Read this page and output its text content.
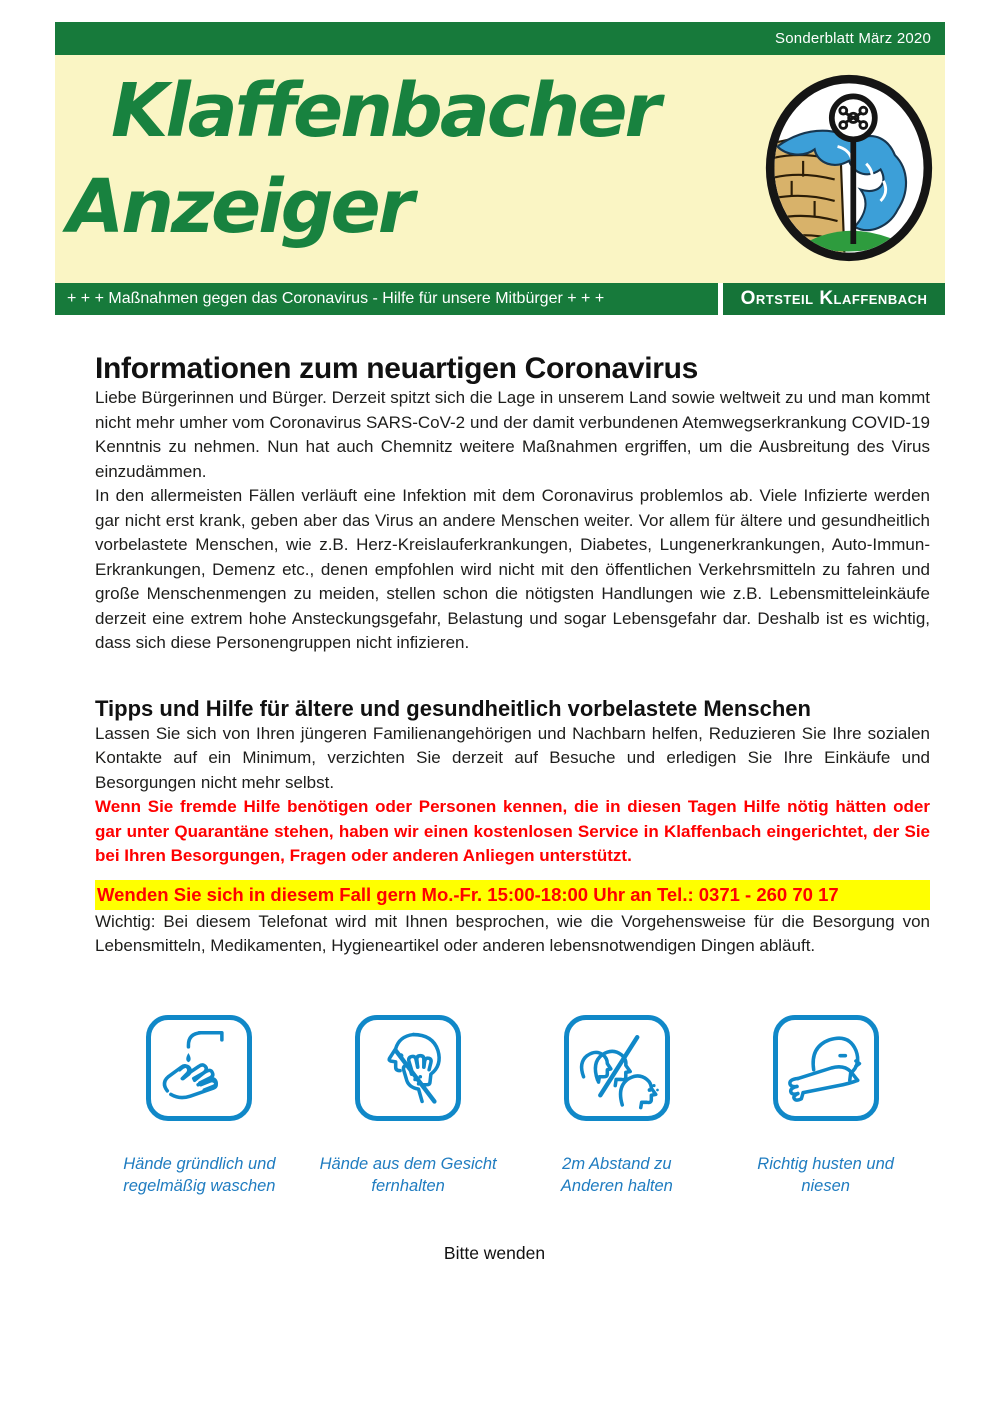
Sonderblatt März 2020
Klaffenbacher
Anzeiger
+ + + Maßnahmen gegen das Coronavirus - Hilfe für unsere Mitbürger + + +	Ortsteil Klaffenbach
Informationen zum neuartigen Coronavirus

Liebe Bürgerinnen und Bürger. Derzeit spitzt sich die Lage in unserem Land sowie weltweit zu und man kommt nicht mehr umher vom Coronavirus SARS-CoV-2 und der damit verbundenen Atemwegserkrankung COVID-19 Kenntnis zu nehmen. Nun hat auch Chemnitz weitere Maßnahmen ergriffen, um die Ausbreitung des Virus einzudämmen.

In den allermeisten Fällen verläuft eine Infektion mit dem Coronavirus problemlos ab. Viele Infizierte werden gar nicht erst krank, geben aber das Virus an andere Menschen weiter. Vor allem für ältere und gesundheitlich vorbelastete Menschen, wie z.B. Herz-Kreislauferkrankungen, Diabetes, Lungenerkrankungen, Auto-Immun-Erkrankungen, Demenz etc., denen empfohlen wird nicht mit den öffentlichen Verkehrsmitteln zu fahren und große Menschenmengen zu meiden, stellen schon die nötigsten Handlungen wie z.B. Lebensmitteleinkäufe derzeit eine extrem hohe Ansteckungsgefahr, Belastung und sogar Lebensgefahr dar. Deshalb ist es wichtig, dass sich diese Personengruppen nicht infizieren.

Tipps und Hilfe für ältere und gesundheitlich vorbelastete Menschen

Lassen Sie sich von Ihren jüngeren Familienangehörigen und Nachbarn helfen, Reduzieren Sie Ihre sozialen Kontakte auf ein Minimum, verzichten Sie derzeit auf Besuche und erledigen Sie Ihre Einkäufe und Besorgungen nicht mehr selbst.

Wenn Sie fremde Hilfe benötigen oder Personen kennen, die in diesen Tagen Hilfe nötig hätten oder gar unter Quarantäne stehen, haben wir einen kostenlosen Service in Klaffenbach eingerichtet, der Sie bei Ihren Besorgungen, Fragen oder anderen Anliegen unterstützt.

Wenden Sie sich in diesem Fall gern Mo.-Fr. 15:00-18:00 Uhr an Tel.: 0371 - 260 70 17

Wichtig: Bei diesem Telefonat wird mit Ihnen besprochen, wie die Vorgehensweise für die Besorgung von Lebensmitteln, Medikamenten, Hygieneartikel oder anderen lebensnotwendigen Dingen abläuft.

Hände gründlich und regelmäßig waschen
Hände aus dem Gesicht fernhalten
2m Abstand zu Anderen halten
Richtig husten und niesen
Bitte wenden
